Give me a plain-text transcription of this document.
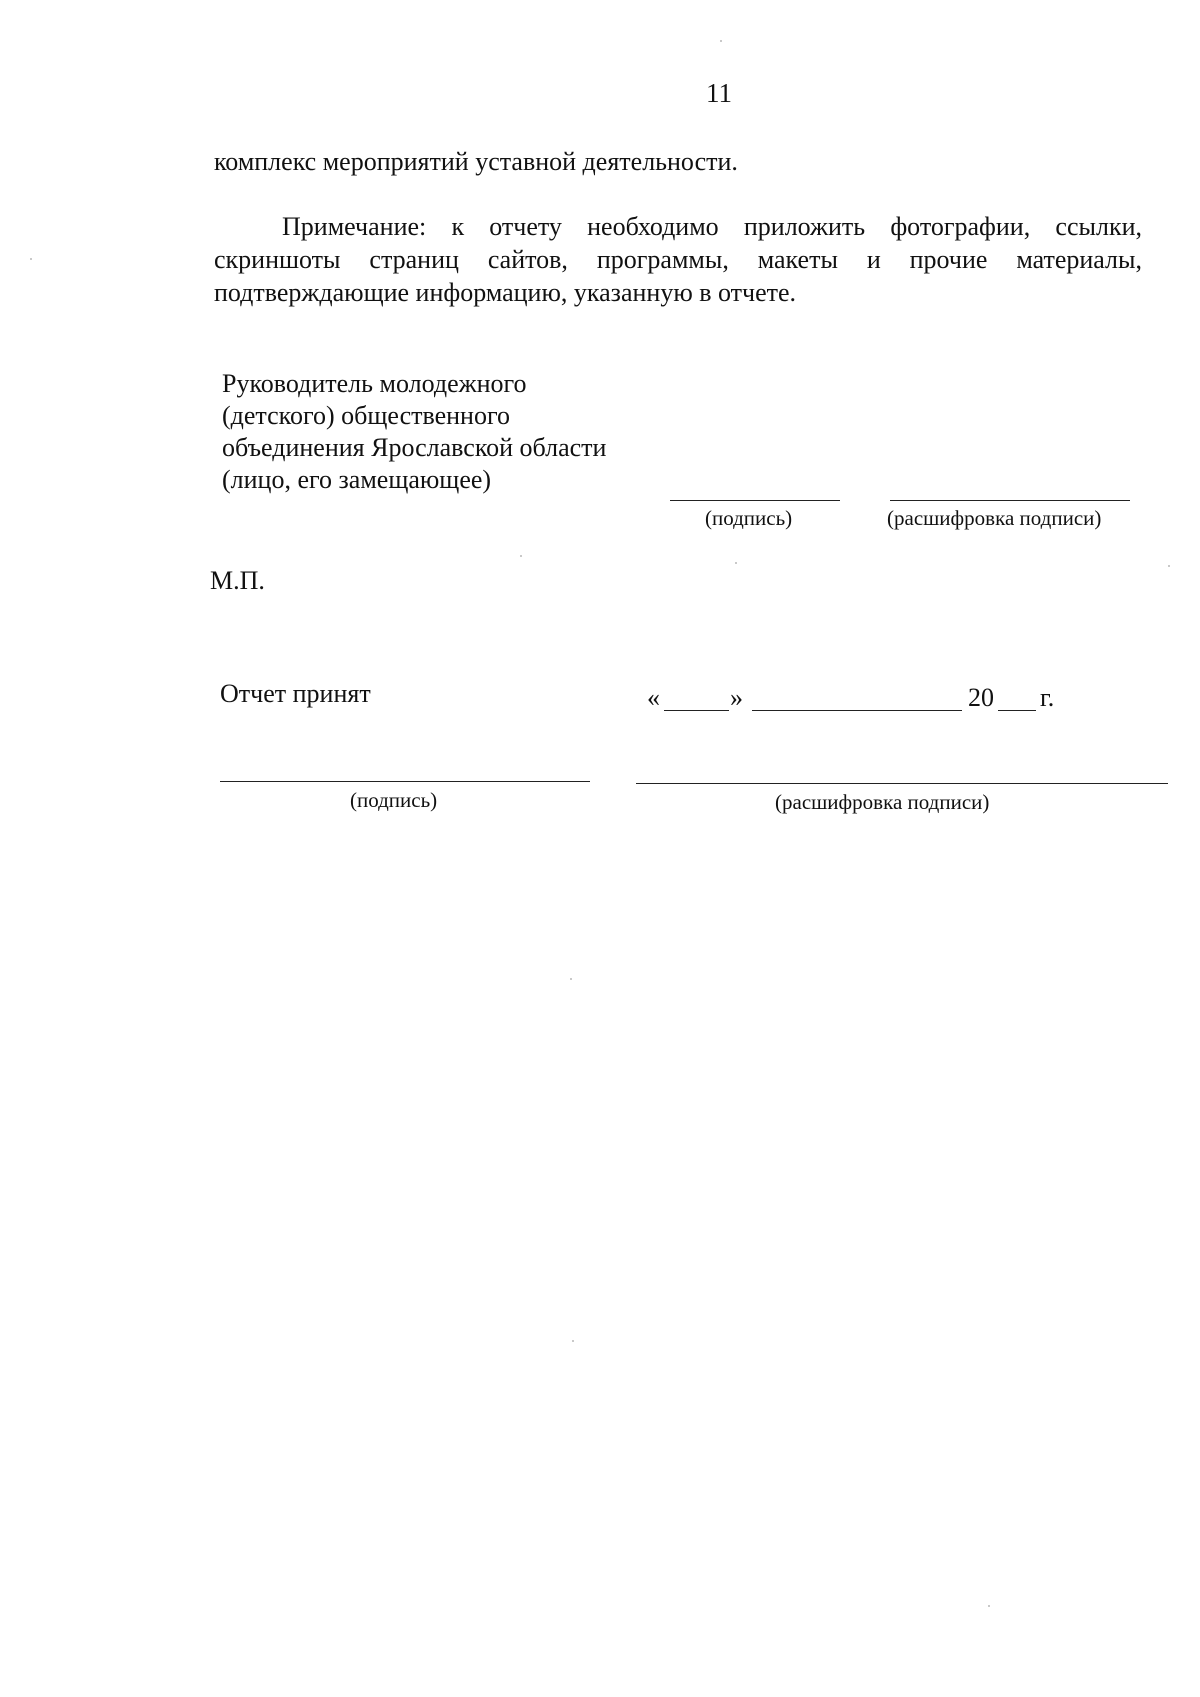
11
комплекс мероприятий уставной деятельности.
Примечание: к отчету необходимо приложить фотографии, ссылки, скриншоты страниц сайтов, программы, макеты и прочие материалы, подтверждающие информацию, указанную в отчете.
Руководитель молодежного
(детского) общественного
объединения Ярославской области
(лицо, его замещающее)
(подпись)	(расшифровка подписи)
М.П.
Отчет принят	«	»	20 г.
(подпись)	(расшифровка подписи)
